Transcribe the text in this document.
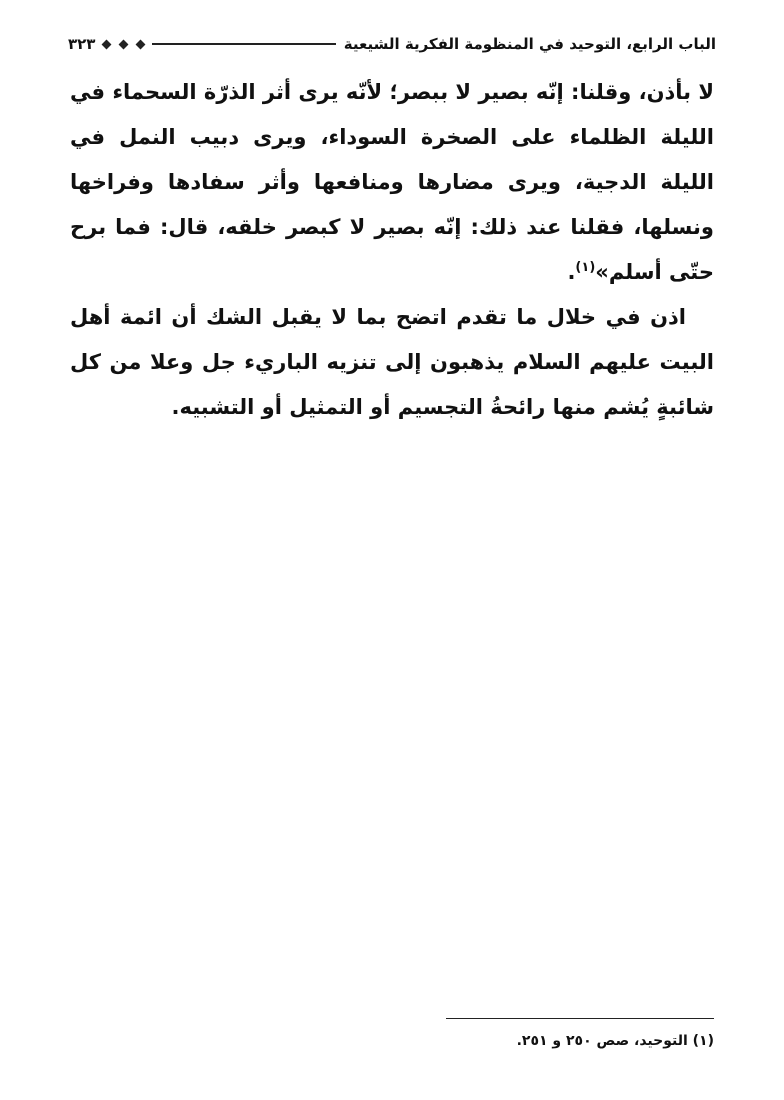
الباب الرابع، التوحيد في المنظومة الفكرية الشيعية
٣٢٣

لا بأذن، وقلنا: إنّه بصير لا ببصر؛ لأنّه يرى أثر الذرّة السحماء في الليلة الظلماء على الصخرة السوداء، ويرى دبيب النمل في الليلة الدجية، ويرى مضارها ومنافعها وأثر سفادها وفراخها ونسلها، فقلنا عند ذلك: إنّه بصير لا كبصر خلقه، قال: فما برح حتّى أسلم»$^{(١)}$.

اذن في خلال ما تقدم اتضح بما لا يقبل الشك أن ائمة أهل البيت عليهم السلام يذهبون إلى تنزيه الباريء جل وعلا من كل شائبةٍ يُشم منها رائحةُ التجسيم أو التمثيل أو التشبيه.

(١) التوحيد، صص ٢٥٠ و ٢٥١.
